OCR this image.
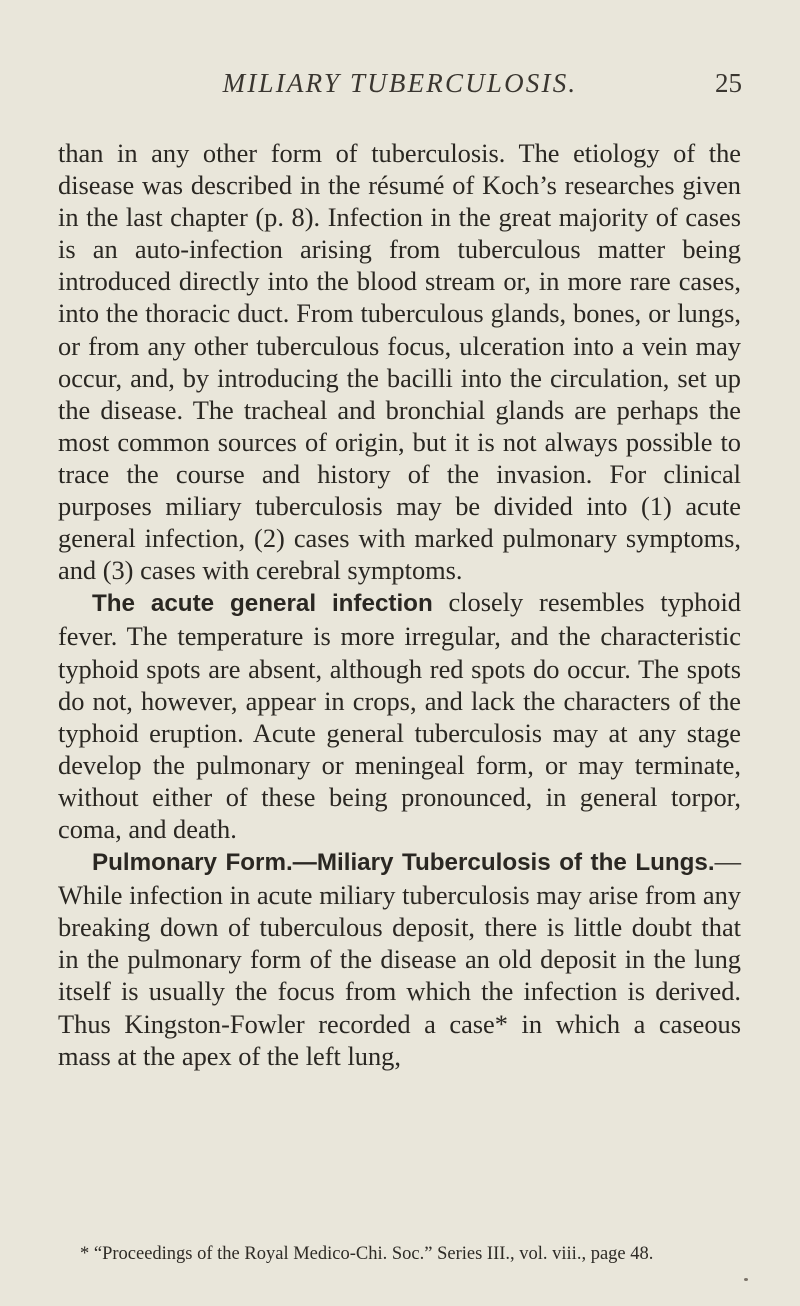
MILIARY TUBERCULOSIS.	25

than in any other form of tuberculosis. The etiology of the disease was described in the résumé of Koch’s researches given in the last chapter (p. 8). Infection in the great majority of cases is an auto-infection arising from tuberculous matter being introduced directly into the blood stream or, in more rare cases, into the thoracic duct. From tuberculous glands, bones, or lungs, or from any other tuberculous focus, ulceration into a vein may occur, and, by introducing the bacilli into the circulation, set up the disease. The tracheal and bronchial glands are perhaps the most common sources of origin, but it is not always possible to trace the course and history of the invasion. For clinical purposes miliary tuberculosis may be divided into (1) acute general infection, (2) cases with marked pulmonary symptoms, and (3) cases with cerebral symptoms.

The acute general infection closely resembles typhoid fever. The temperature is more irregular, and the characteristic typhoid spots are absent, although red spots do occur. The spots do not, however, appear in crops, and lack the characters of the typhoid eruption. Acute general tuberculosis may at any stage develop the pulmonary or meningeal form, or may terminate, without either of these being pronounced, in general torpor, coma, and death.

Pulmonary Form.—Miliary Tuberculosis of the Lungs.—While infection in acute miliary tuberculosis may arise from any breaking down of tuberculous deposit, there is little doubt that in the pulmonary form of the disease an old deposit in the lung itself is usually the focus from which the infection is derived. Thus Kingston-Fowler recorded a case* in which a caseous mass at the apex of the left lung,

* “Proceedings of the Royal Medico-Chi. Soc.” Series III., vol. viii., page 48.
